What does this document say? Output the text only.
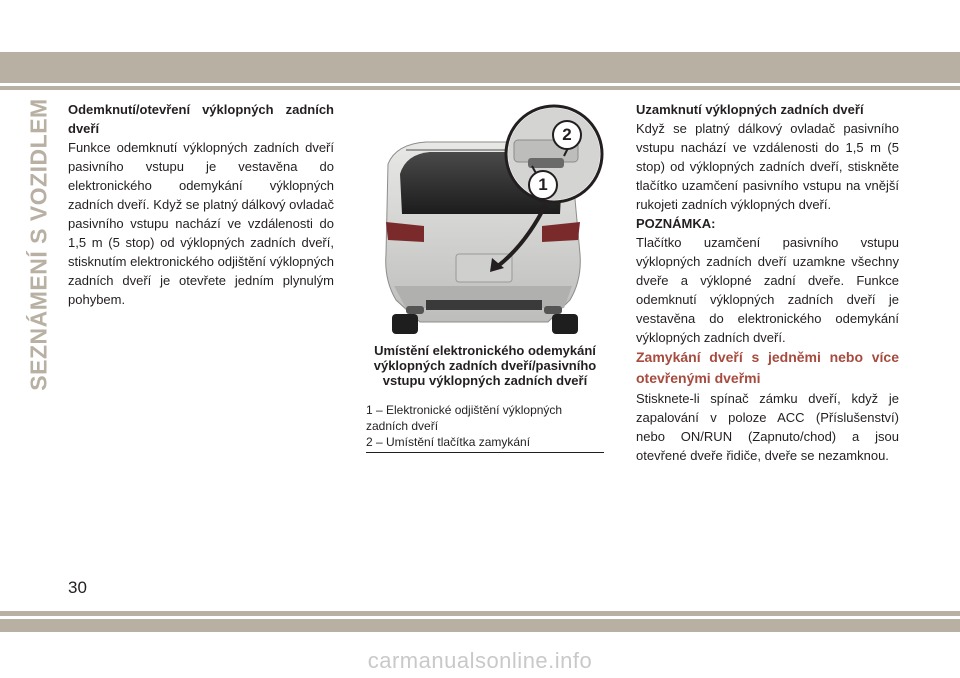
SEZNÁMENÍ S VOZIDLEM Odemknutí/otevření výklopných zadních dveří

Funkce odemknutí výklopných zadních dveří pasivního vstupu je vestavěna do elektronického odemykání výklopných zadních dveří. Když se platný dálkový ovladač pasivního vstupu nachází ve vzdálenosti do 1,5 m (5 stop) od výklopných zadních dveří, stisknutím elektronického odjištění výklopných zadních dveří je otevřete jedním plynulým pohybem.

1
2
Umístění elektronického odemykání výklopných zadních dveří/pasivního vstupu výklopných zadních dveří
1 – Elektronické odjištění výklopných zadních dveří
2 – Umístění tlačítka zamykání

Uzamknutí výklopných zadních dveří

Když se platný dálkový ovladač pasivního vstupu nachází ve vzdálenosti do 1,5 m (5 stop) od výklopných zadních dveří, stiskněte tlačítko uzamčení pasivního vstupu na vnější rukojeti zadních výklopných dveří.

POZNÁMKA:

Tlačítko uzamčení pasivního vstupu výklopných zadních dveří uzamkne všechny dveře a výklopné zadní dveře. Funkce odemknutí výklopných zadních dveří je vestavěna do elektronického odemykání výklopných zadních dveří.

Zamykání dveří s jedněmi nebo více otevřenými dveřmi

Stisknete-li spínač zámku dveří, když je zapalování v poloze ACC (Příslušenství) nebo ON/RUN (Zapnuto/chod) a jsou otevřené dveře řidiče, dveře se nezamknou.

30
carmanualsonline.info
